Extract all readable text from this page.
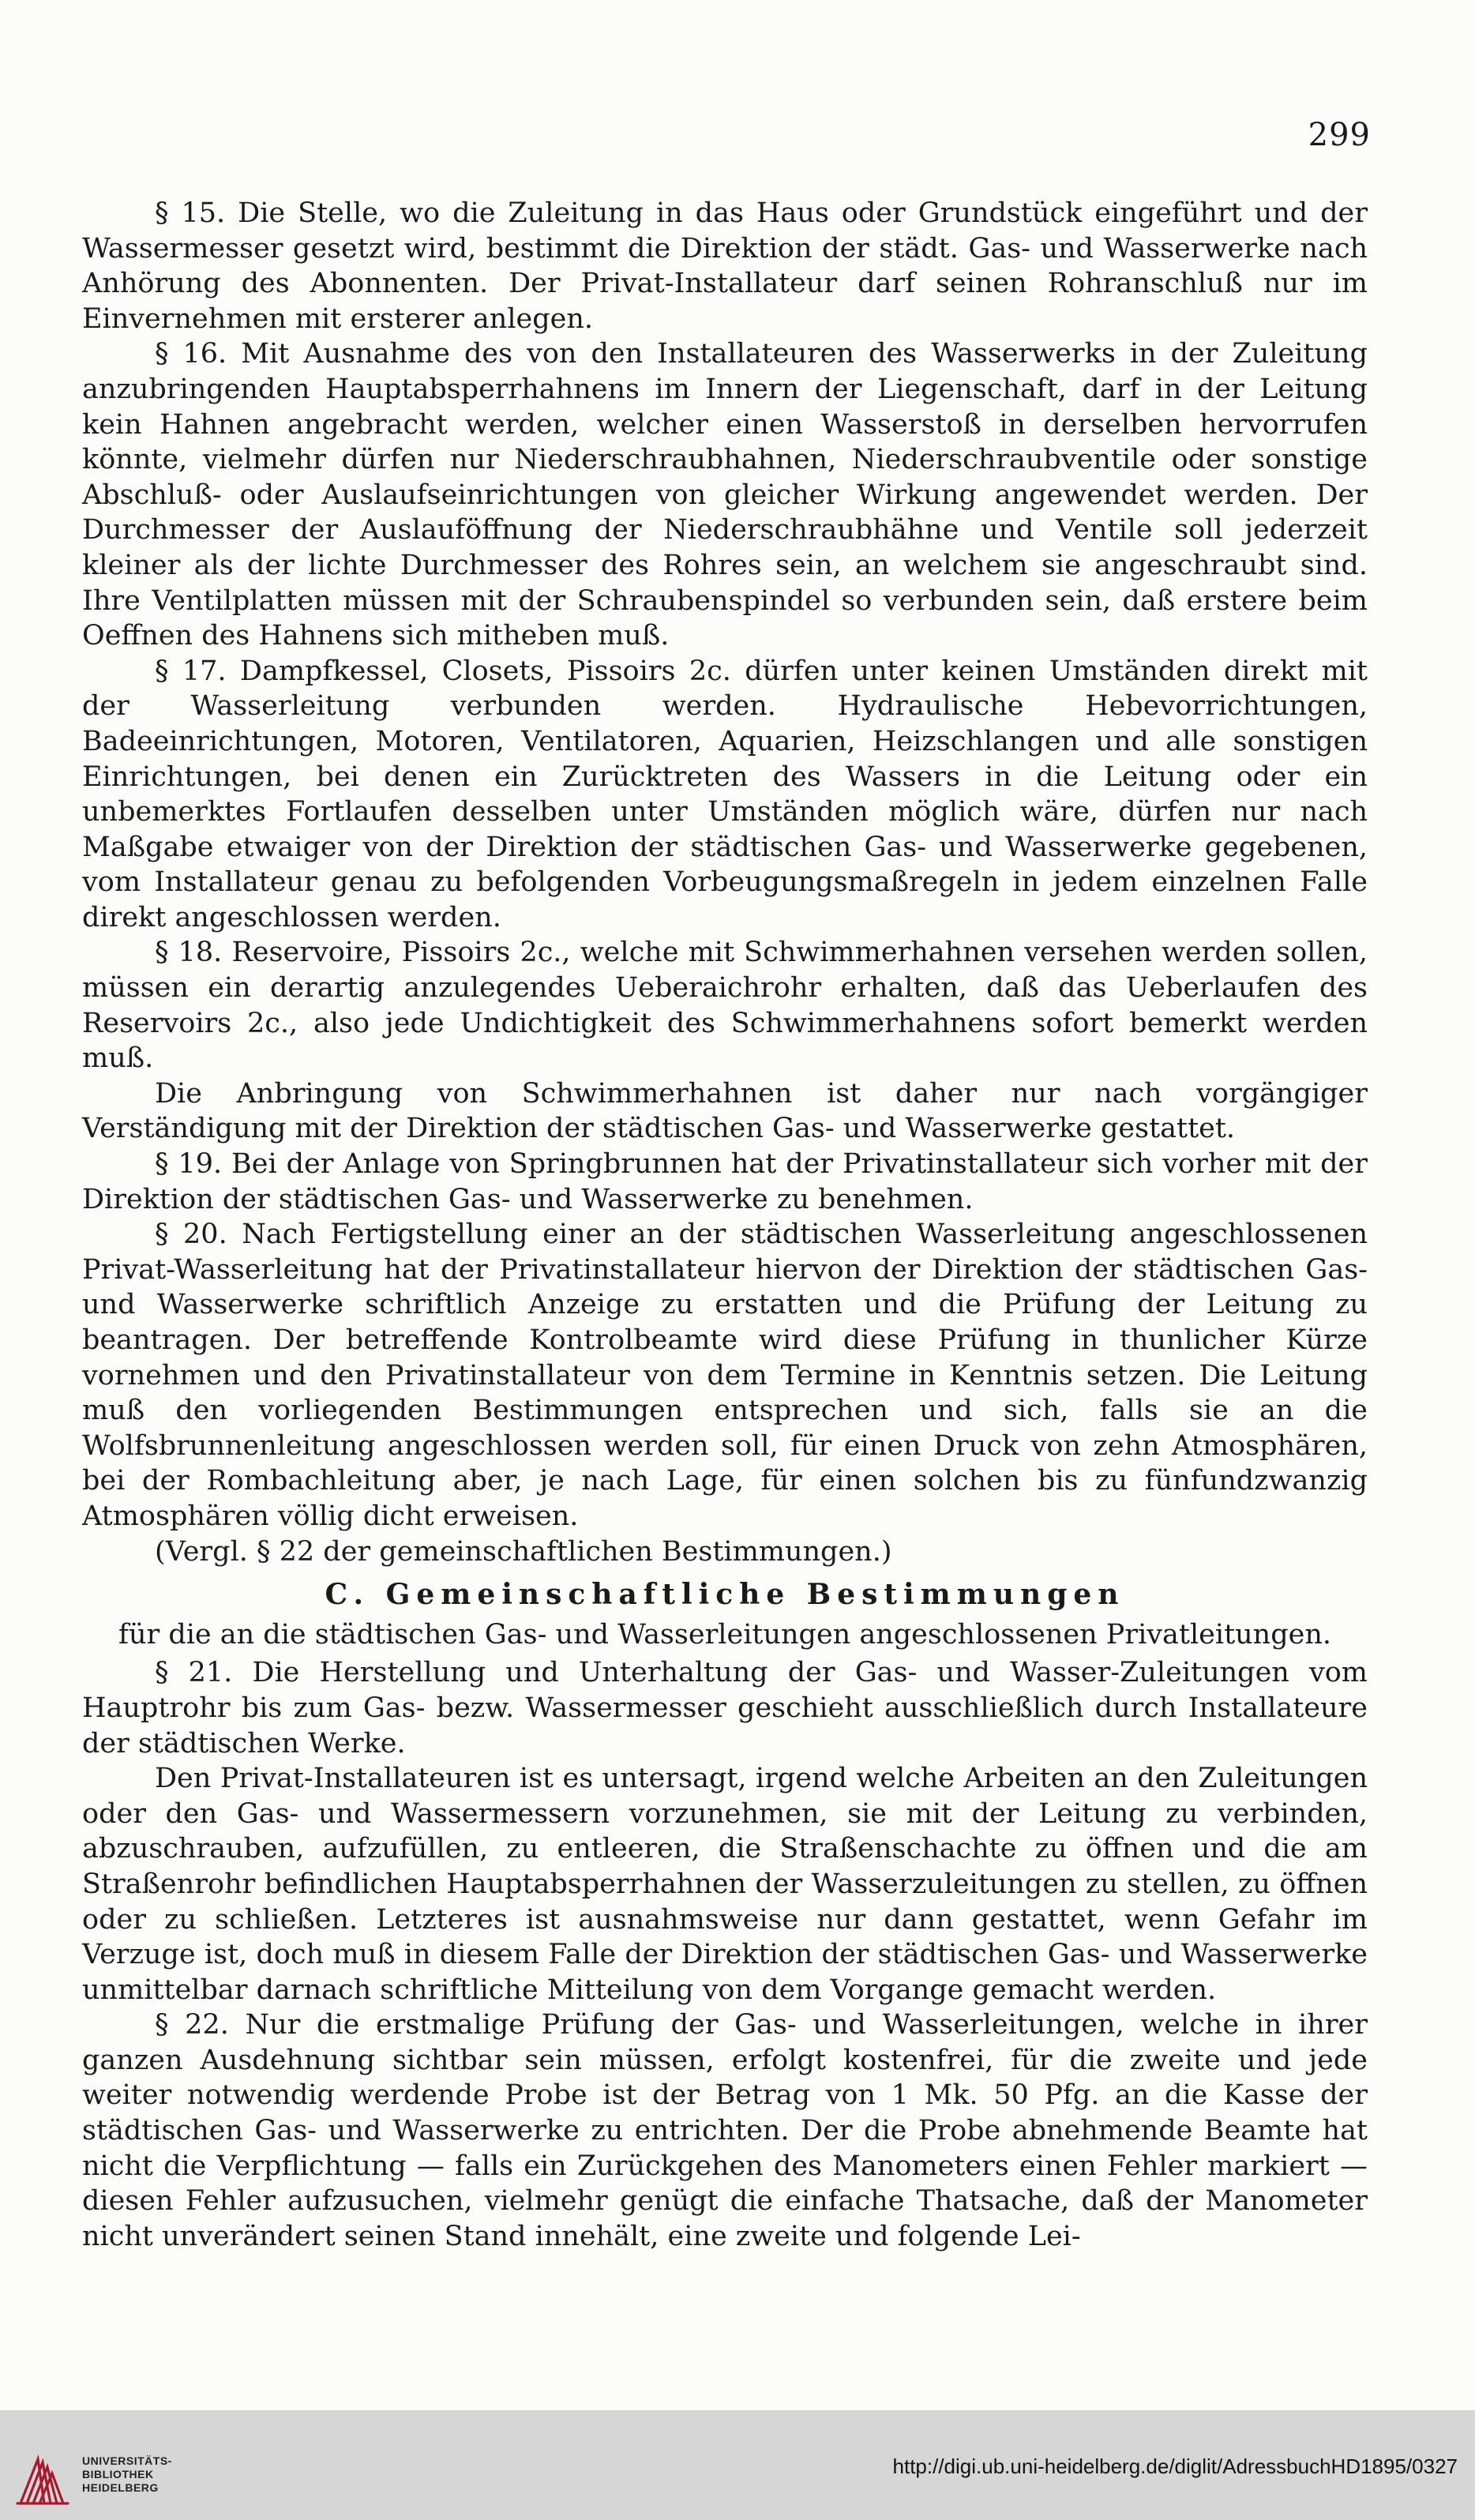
299

§ 15. Die Stelle, wo die Zuleitung in das Haus oder Grundstück eingeführt und der Wassermesser gesetzt wird, bestimmt die Direktion der städt. Gas- und Wasserwerke nach Anhörung des Abonnenten. Der Privat-Installateur darf seinen Rohranschluß nur im Einvernehmen mit ersterer anlegen.

§ 16. Mit Ausnahme des von den Installateuren des Wasserwerks in der Zuleitung anzubringenden Hauptabsperrhahnens im Innern der Liegenschaft, darf in der Leitung kein Hahnen angebracht werden, welcher einen Wasserstoß in derselben hervorrufen könnte, vielmehr dürfen nur Niederschraubhahnen, Niederschraubventile oder sonstige Abschluß- oder Auslaufseinrichtungen von gleicher Wirkung angewendet werden. Der Durchmesser der Auslauföffnung der Niederschraubhähne und Ventile soll jederzeit kleiner als der lichte Durchmesser des Rohres sein, an welchem sie angeschraubt sind. Ihre Ventilplatten müssen mit der Schraubenspindel so verbunden sein, daß erstere beim Oeffnen des Hahnens sich mitheben muß.

§ 17. Dampfkessel, Closets, Pissoirs 2c. dürfen unter keinen Umständen direkt mit der Wasserleitung verbunden werden. Hydraulische Hebevorrichtungen, Badeeinrichtungen, Motoren, Ventilatoren, Aquarien, Heizschlangen und alle sonstigen Einrichtungen, bei denen ein Zurücktreten des Wassers in die Leitung oder ein unbemerktes Fortlaufen desselben unter Umständen möglich wäre, dürfen nur nach Maßgabe etwaiger von der Direktion der städtischen Gas- und Wasserwerke gegebenen, vom Installateur genau zu befolgenden Vorbeugungsmaßregeln in jedem einzelnen Falle direkt angeschlossen werden.

§ 18. Reservoire, Pissoirs 2c., welche mit Schwimmerhahnen versehen werden sollen, müssen ein derartig anzulegendes Ueberaichrohr erhalten, daß das Ueberlaufen des Reservoirs 2c., also jede Undichtigkeit des Schwimmerhahnens sofort bemerkt werden muß.

Die Anbringung von Schwimmerhahnen ist daher nur nach vorgängiger Verständigung mit der Direktion der städtischen Gas- und Wasserwerke gestattet.

§ 19. Bei der Anlage von Springbrunnen hat der Privatinstallateur sich vorher mit der Direktion der städtischen Gas- und Wasserwerke zu benehmen.

§ 20. Nach Fertigstellung einer an der städtischen Wasserleitung angeschlossenen Privat-Wasserleitung hat der Privatinstallateur hiervon der Direktion der städtischen Gas- und Wasserwerke schriftlich Anzeige zu erstatten und die Prüfung der Leitung zu beantragen. Der betreffende Kontrolbeamte wird diese Prüfung in thunlicher Kürze vornehmen und den Privatinstallateur von dem Termine in Kenntnis setzen. Die Leitung muß den vorliegenden Bestimmungen entsprechen und sich, falls sie an die Wolfsbrunnenleitung angeschlossen werden soll, für einen Druck von zehn Atmosphären, bei der Rombachleitung aber, je nach Lage, für einen solchen bis zu fünfundzwanzig Atmosphären völlig dicht erweisen.

(Vergl. § 22 der gemeinschaftlichen Bestimmungen.)

C. Gemeinschaftliche Bestimmungen

für die an die städtischen Gas- und Wasserleitungen angeschlossenen Privatleitungen.

§ 21. Die Herstellung und Unterhaltung der Gas- und Wasser-Zuleitungen vom Hauptrohr bis zum Gas- bezw. Wassermesser geschieht ausschließlich durch Installateure der städtischen Werke.

Den Privat-Installateuren ist es untersagt, irgend welche Arbeiten an den Zuleitungen oder den Gas- und Wassermessern vorzunehmen, sie mit der Leitung zu verbinden, abzuschrauben, aufzufüllen, zu entleeren, die Straßenschachte zu öffnen und die am Straßenrohr befindlichen Hauptabsperrhahnen der Wasserzuleitungen zu stellen, zu öffnen oder zu schließen. Letzteres ist ausnahmsweise nur dann gestattet, wenn Gefahr im Verzuge ist, doch muß in diesem Falle der Direktion der städtischen Gas- und Wasserwerke unmittelbar darnach schriftliche Mitteilung von dem Vorgange gemacht werden.

§ 22. Nur die erstmalige Prüfung der Gas- und Wasserleitungen, welche in ihrer ganzen Ausdehnung sichtbar sein müssen, erfolgt kostenfrei, für die zweite und jede weiter notwendig werdende Probe ist der Betrag von 1 Mk. 50 Pfg. an die Kasse der städtischen Gas- und Wasserwerke zu entrichten. Der die Probe abnehmende Beamte hat nicht die Verpflichtung — falls ein Zurückgehen des Manometers einen Fehler markiert — diesen Fehler aufzusuchen, vielmehr genügt die einfache Thatsache, daß der Manometer nicht unverändert seinen Stand innehält, eine zweite und folgende Lei-

UNIVERSITÄTS-
BIBLIOTHEK
HEIDELBERG
http://digi.ub.uni-heidelberg.de/diglit/AdressbuchHD1895/0327
